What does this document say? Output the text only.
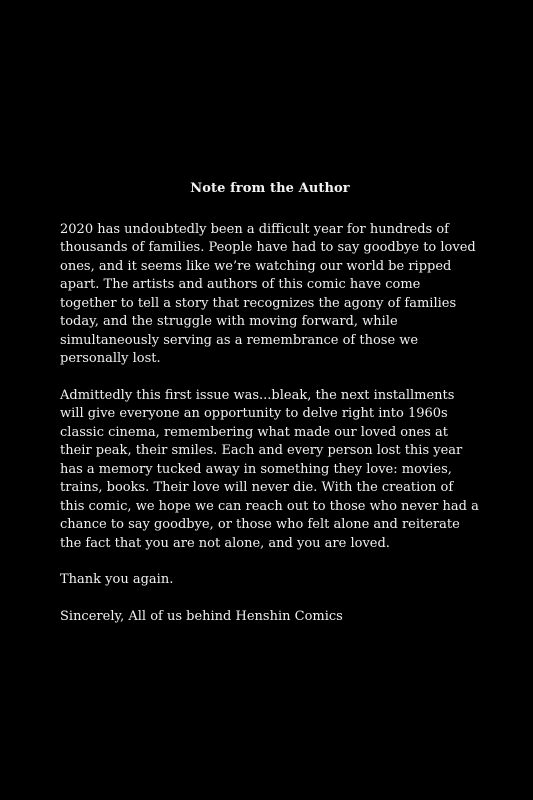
Note from the Author

2020 has undoubtedly been a difficult year for hundreds of thousands of families. People have had to say goodbye to loved ones, and it seems like we’re watching our world be ripped apart. The artists and authors of this comic have come together to tell a story that recognizes the agony of families today, and the struggle with moving forward, while simultaneously serving as a remembrance of those we personally lost.

Admittedly this first issue was...bleak, the next installments will give everyone an opportunity to delve right into 1960s classic cinema, remembering what made our loved ones at their peak, their smiles. Each and every person lost this year has a memory tucked away in something they love: movies, trains, books. Their love will never die. With the creation of this comic, we hope we can reach out to those who never had a chance to say goodbye, or those who felt alone and reiterate the fact that you are not alone, and you are loved.

Thank you again.

Sincerely, All of us behind Henshin Comics
